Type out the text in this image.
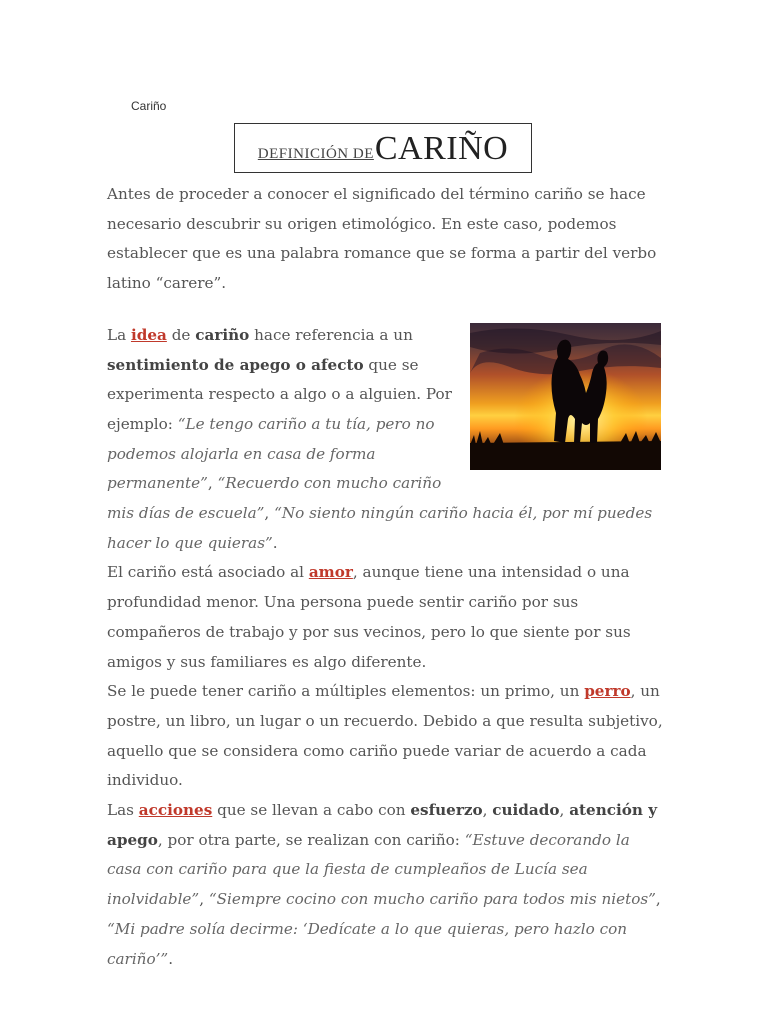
Cariño
DEFINICIÓN DE CARIÑO

Antes de proceder a conocer el significado del término cariño se hace necesario descubrir su origen etimológico. En este caso, podemos establecer que es una palabra romance que se forma a partir del verbo latino “carere”.

La idea de cariño hace referencia a un sentimiento de apego o afecto que se experimenta respecto a algo o a alguien. Por ejemplo: “Le tengo cariño a tu tía, pero no podemos alojarla en casa de forma permanente”, “Recuerdo con mucho cariño mis días de escuela”, “No siento ningún cariño hacia él, por mí puedes hacer lo que quieras”.

El cariño está asociado al amor, aunque tiene una intensidad o una profundidad menor. Una persona puede sentir cariño por sus compañeros de trabajo y por sus vecinos, pero lo que siente por sus amigos y sus familiares es algo diferente.

Se le puede tener cariño a múltiples elementos: un primo, un perro, un postre, un libro, un lugar o un recuerdo. Debido a que resulta subjetivo, aquello que se considera como cariño puede variar de acuerdo a cada individuo.

Las acciones que se llevan a cabo con esfuerzo, cuidado, atención y apego, por otra parte, se realizan con cariño: “Estuve decorando la casa con cariño para que la fiesta de cumpleaños de Lucía sea inolvidable”, “Siempre cocino con mucho cariño para todos mis nietos”, “Mi padre solía decirme: ‘Dedícate a lo que quieras, pero hazlo con cariño’”.
